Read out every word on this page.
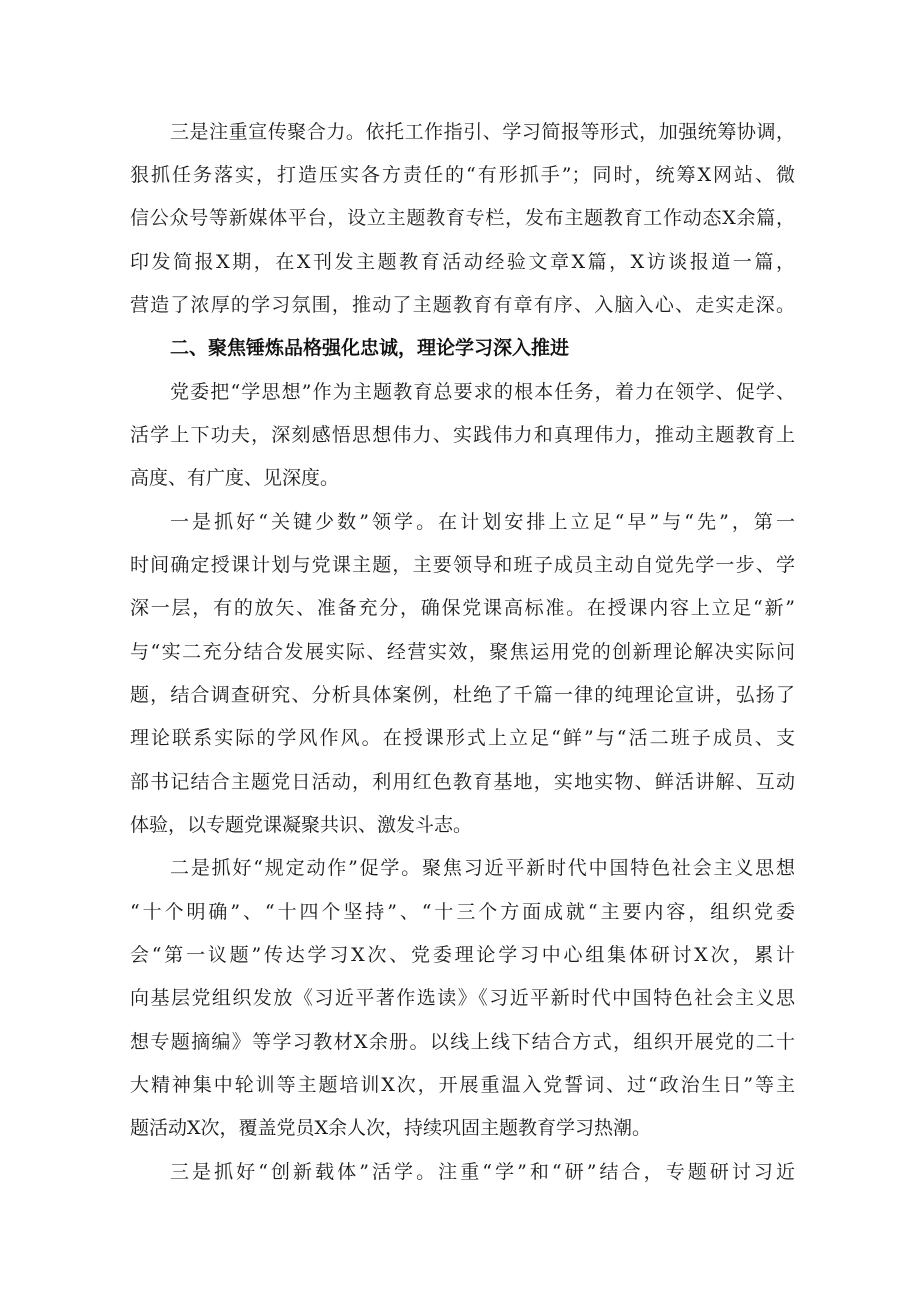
三是注重宣传聚合力。依托工作指引、学习简报等形式，加强统筹协调，
狠抓任务落实，打造压实各方责任的“有形抓手”；同时，统筹X网站、微
信公众号等新媒体平台，设立主题教育专栏，发布主题教育工作动态X余篇，
印发简报X期，在X刊发主题教育活动经验文章X篇，X访谈报道一篇，
营造了浓厚的学习氛围，推动了主题教育有章有序、入脑入心、走实走深。
二、聚焦锤炼品格强化忠诚，理论学习深入推进
党委把“学思想”作为主题教育总要求的根本任务，着力在领学、促学、
活学上下功夫，深刻感悟思想伟力、实践伟力和真理伟力，推动主题教育上
高度、有广度、见深度。
一是抓好“关键少数”领学。在计划安排上立足“早”与“先”，第一
时间确定授课计划与党课主题，主要领导和班子成员主动自觉先学一步、学
深一层，有的放矢、准备充分，确保党课高标准。在授课内容上立足“新”
与“实二充分结合发展实际、经营实效，聚焦运用党的创新理论解决实际问
题，结合调查研究、分析具体案例，杜绝了千篇一律的纯理论宣讲，弘扬了
理论联系实际的学风作风。在授课形式上立足“鲜”与“活二班子成员、支
部书记结合主题党日活动，利用红色教育基地，实地实物、鲜活讲解、互动
体验，以专题党课凝聚共识、激发斗志。
二是抓好“规定动作”促学。聚焦习近平新时代中国特色社会主义思想
“十个明确”、“十四个坚持”、“十三个方面成就“主要内容，组织党委
会“第一议题”传达学习X次、党委理论学习中心组集体研讨X次，累计
向基层党组织发放《习近平著作选读》《习近平新时代中国特色社会主义思
想专题摘编》等学习教材X余册。以线上线下结合方式，组织开展党的二十
大精神集中轮训等主题培训X次，开展重温入党誓词、过“政治生日”等主
题活动X次，覆盖党员X余人次，持续巩固主题教育学习热潮。
三是抓好“创新载体”活学。注重“学”和“研”结合，专题研讨习近
